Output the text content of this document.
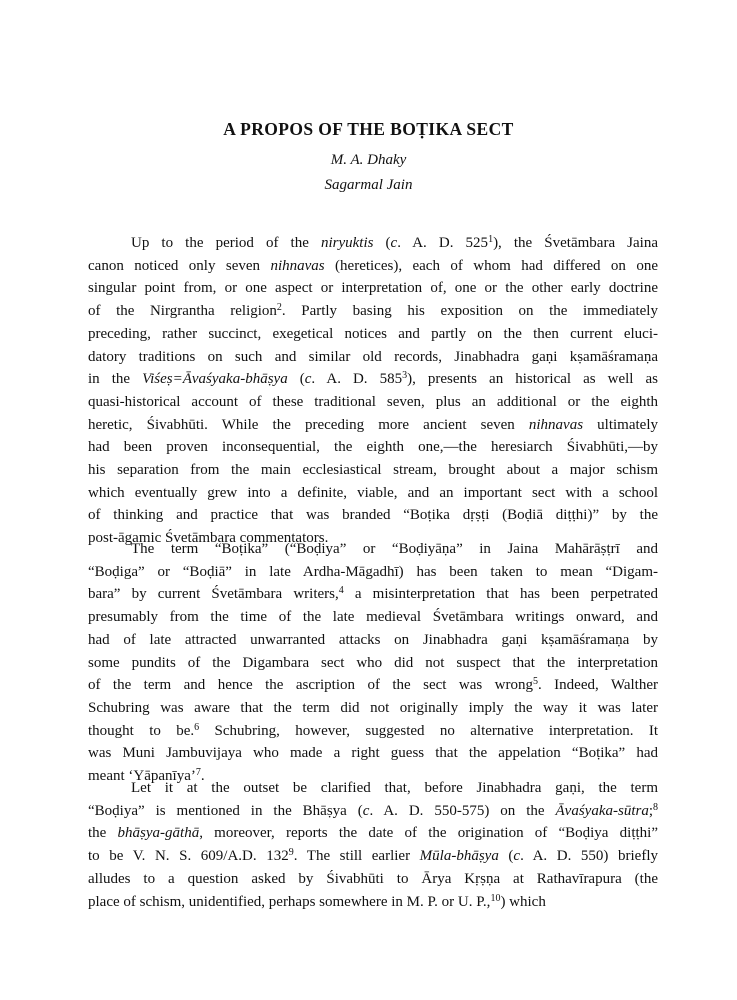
A PROPOS OF THE BOṬIKA SECT
M. A. Dhaky
Sagarmal Jain
Up to the period of the niryuktis (c. A. D. $525^1$), the Śvetāmbara Jaina
canon noticed only seven nihnavas (heretices), each of whom had differed on one
singular point from, or one aspect or interpretation of, one or the other early doctrine
of the Nirgrantha religion$^2$. Partly basing his exposition on the immediately
preceding, rather succinct, exegetical notices and partly on the then current eluci-
datory traditions on such and similar old records, Jinabhadra gaṇi kṣamāśramaṇa
in the Viśeṣ=Āvaśyaka-bhāṣya (c. A. D. $585^3$), presents an historical as well as
quasi-historical account of these traditional seven, plus an additional or the eighth
heretic, Śivabhūti. While the preceding more ancient seven nihnavas ultimately
had been proven inconsequential, the eighth one,—the heresiarch Śivabhūti,—by
his separation from the main ecclesiastical stream, brought about a major schism
which eventually grew into a definite, viable, and an important sect with a school
of thinking and practice that was branded “Boṭika dṛṣṭi (Boḍiā diṭṭhi)” by the
post-āgamic Śvetāmbara commentators.
The term “Boṭika” (“Boḍiya” or “Boḍiyāṇa” in Jaina Mahārāṣṭrī and
“Boḍiga” or “Boḍiā” in late Ardha-Māgadhī) has been taken to mean “Digam-
bara” by current Śvetāmbara writers,$^4$ a misinterpretation that has been perpetrated
presumably from the time of the late medieval Śvetāmbara writings onward, and
had of late attracted unwarranted attacks on Jinabhadra gaṇi kṣamāśramaṇa by
some pundits of the Digambara sect who did not suspect that the interpretation
of the term and hence the ascription of the sect was wrong$^5$. Indeed, Walther
Schubring was aware that the term did not originally imply the way it was later
thought to be.$^6$ Schubring, however, suggested no alternative interpretation. It
was Muni Jambuvijaya who made a right guess that the appelation “Boṭika” had
meant ‘Yāpanīya’$^7$.
Let it at the outset be clarified that, before Jinabhadra gaṇi, the term
“Boḍiya” is mentioned in the Bhāṣya (c. A. D. 550-575) on the Āvaśyaka-sūtra;$^8$
the bhāṣya-gāthā, moreover, reports the date of the origination of “Boḍiya diṭṭhi”
to be V. N. S. 609/A.D. $132^9$. The still earlier Mūla-bhāṣya (c. A. D. 550) briefly
alludes to a question asked by Śivabhūti to Ārya Kṛṣṇa at Rathavīrapura (the
place of schism, unidentified, perhaps somewhere in M. P. or U. P.,$^{10}$) which
